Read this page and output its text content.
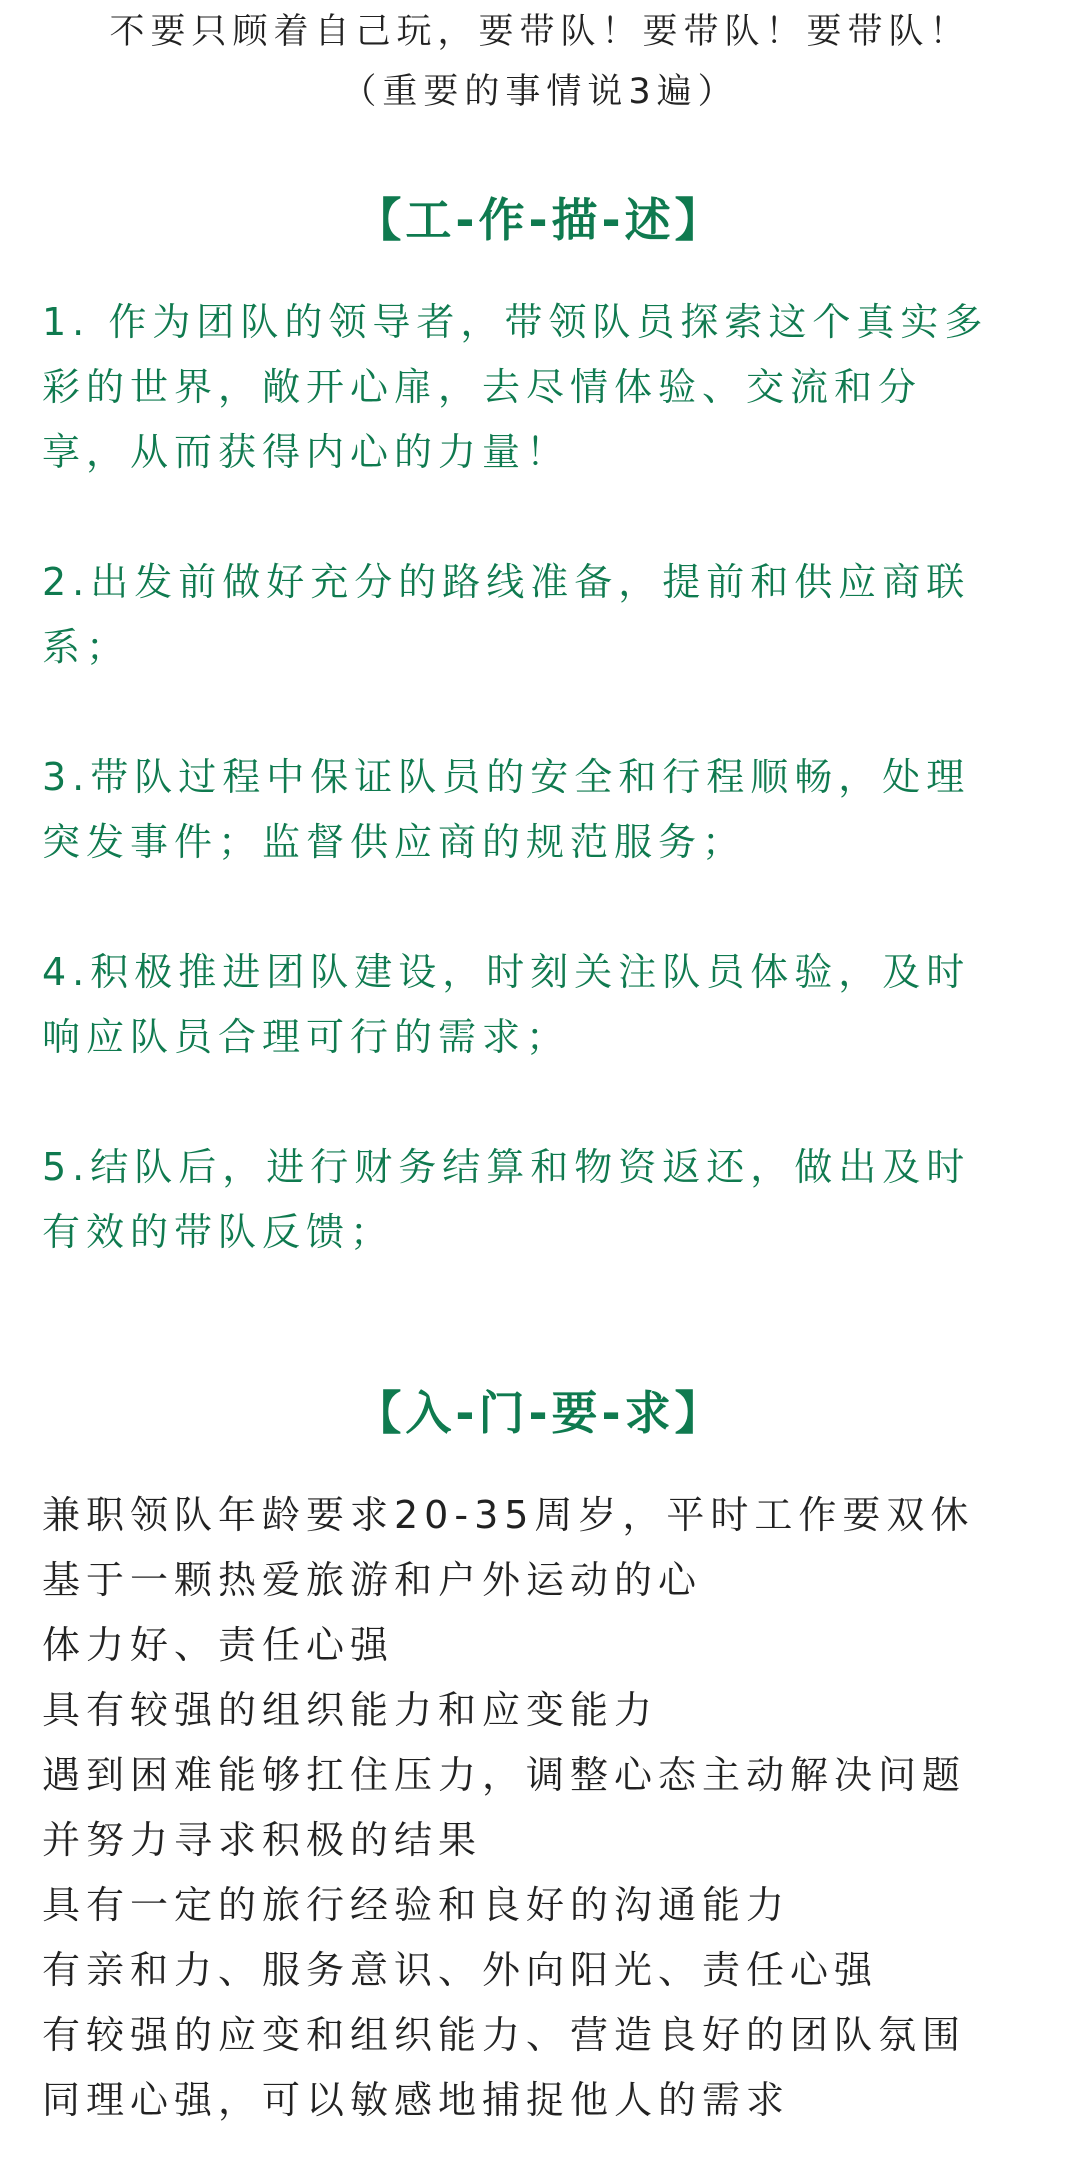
不要只顾着自己玩，要带队！要带队！要带队！
（重要的事情说3遍）
【工-作-描-述】

1. 作为团队的领导者，带领队员探索这个真实多
彩的世界，敞开心扉，去尽情体验、交流和分
享，从而获得内心的力量！

2.出发前做好充分的路线准备，提前和供应商联
系；

3.带队过程中保证队员的安全和行程顺畅，处理
突发事件；监督供应商的规范服务；

4.积极推进团队建设，时刻关注队员体验，及时
响应队员合理可行的需求；

5.结队后，进行财务结算和物资返还，做出及时
有效的带队反馈；

【入-门-要-求】
兼职领队年龄要求20-35周岁，平时工作要双休
基于一颗热爱旅游和户外运动的心
体力好、责任心强
具有较强的组织能力和应变能力
遇到困难能够扛住压力，调整心态主动解决问题
并努力寻求积极的结果
具有一定的旅行经验和良好的沟通能力
有亲和力、服务意识、外向阳光、责任心强
有较强的应变和组织能力、营造良好的团队氛围
同理心强，可以敏感地捕捉他人的需求
